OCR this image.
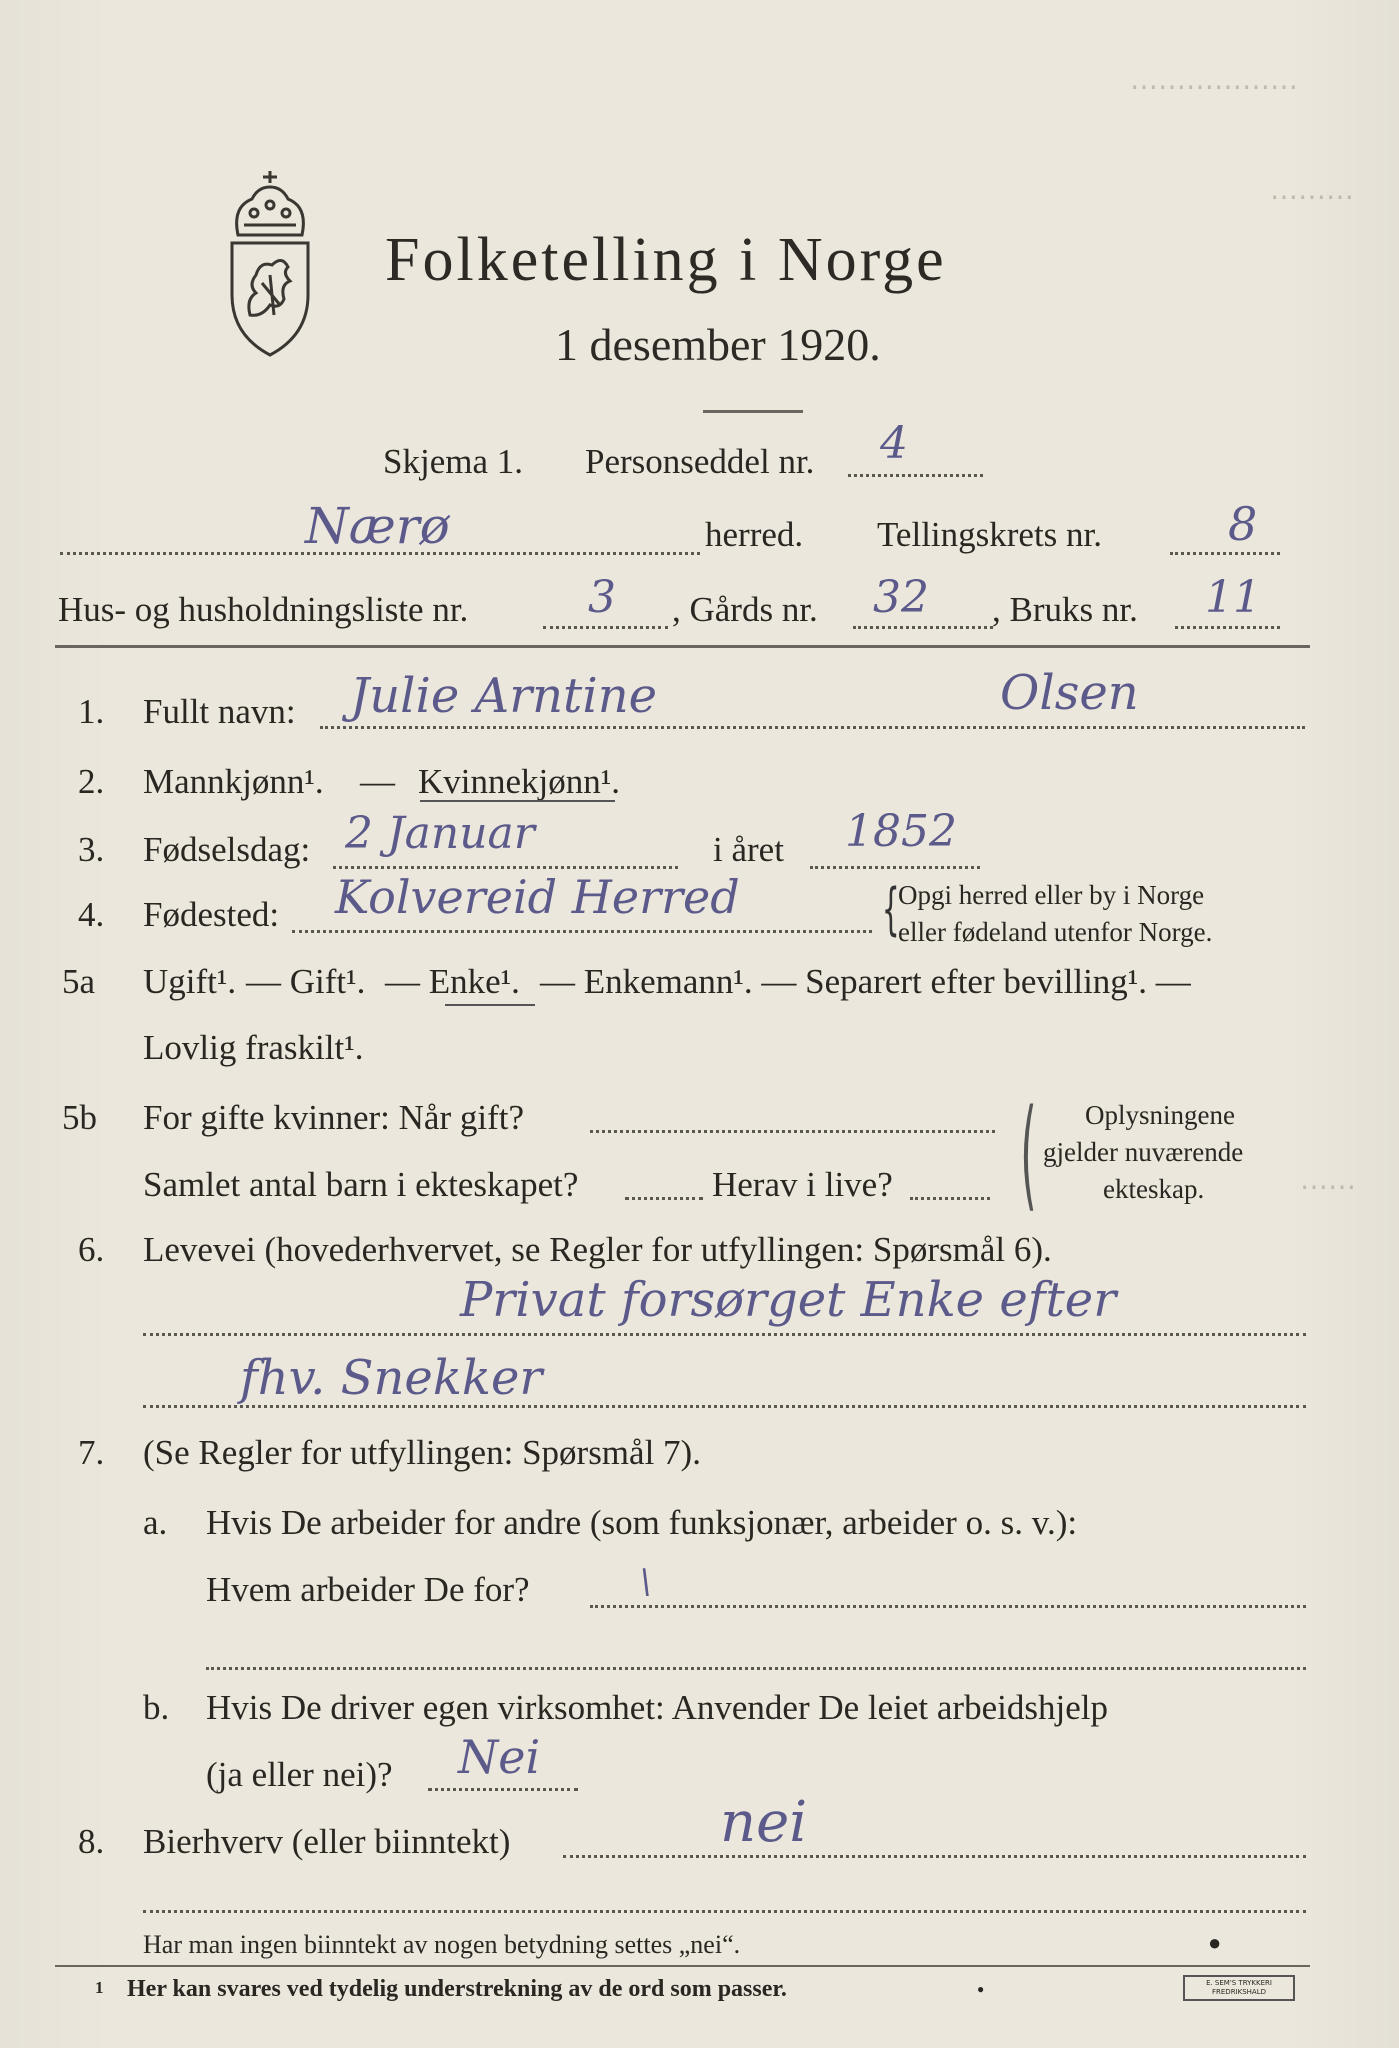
⋯⋯⋯⋯⋯⋯
⋯⋯⋯
⋯⋯
Folketelling i Norge
1 desember 1920.
Skjema 1. Personseddel nr. 4
Nærø	herred. Tellingskrets nr.	8
Hus- og husholdningsliste nr.	3 , Gårds nr. 32 , Bruks nr. 11
1. Fullt navn: Julie Arntine	Olsen
2. Mannkjønn¹. — Kvinnekjønn¹.
3. Fødselsdag: 2 Januar	i året 1852
4. Fødested: Kolvereid Herred	{
Opgi herred eller by i Norge
eller fødeland utenfor Norge.
5a Ugift¹. — Gift¹. — Enke¹. — Enkemann¹. — Separert efter bevilling¹. —
Lovlig fraskilt¹.
5b For gifte kvinner: Når gift?
Samlet antal barn i ekteskapet?	Herav i live? ( Oplysningene
gjelder nuværende
ekteskap.
6. Levevei (hovederhvervet, se Regler for utfyllingen: Spørsmål 6).
Privat forsørget Enke efter
fhv. Snekker
7. (Se Regler for utfyllingen: Spørsmål 7).
a. Hvis De arbeider for andre (som funksjonær, arbeider o. s. v.):
Hvem arbeider De for?	\
b. Hvis De driver egen virksomhet: Anvender De leiet arbeidshjelp
(ja eller nei)? Nei
8. Bierhverv (eller biinntekt)	nei
Har man ingen biinntekt av nogen betydning settes „nei“.	●
1 Her kan svares ved tydelig understrekning av de ord som passer.	●	E. SEM'S TRYKKERI
FREDRIKSHALD
